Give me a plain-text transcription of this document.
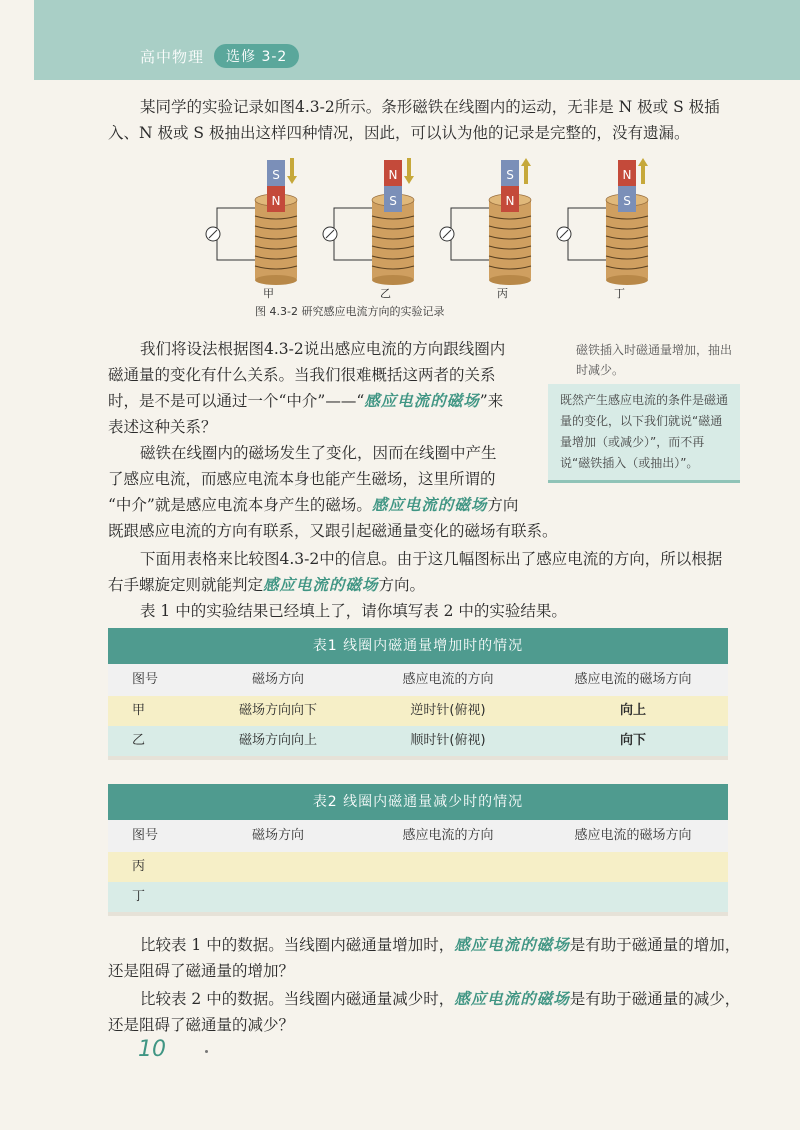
高中物理	选修 3-2
某同学的实验记录如图4.3-2所示。条形磁铁在线圈内的运动，无非是 N 极或 S 极插
入、N 极或 S 极抽出这样四种情况，因此，可以认为他的记录是完整的，没有遗漏。
S
N
N
S
S
N
N
S
甲	乙	丙	丁
图 4.3-2 研究感应电流方向的实验记录
我们将设法根据图4.3-2说出感应电流的方向跟线圈内
磁通量的变化有什么关系。当我们很难概括这两者的关系
时，是不是可以通过一个“中介”——“感应电流的磁场”来
表述这种关系？
磁铁在线圈内的磁场发生了变化，因而在线圈中产生
了感应电流，而感应电流本身也能产生磁场，这里所谓的
“中介”就是感应电流本身产生的磁场。感应电流的磁场方向
既跟感应电流的方向有联系，又跟引起磁通量变化的磁场有联系。
磁铁插入时磁通量增加，抽出时减少。
既然产生感应电流的条件是磁通量的变化，以下我们就说“磁通量增加（或减少）”，而不再说“磁铁插入（或抽出）”。
下面用表格来比较图4.3-2中的信息。由于这几幅图标出了感应电流的方向，所以根据
右手螺旋定则就能判定感应电流的磁场方向。
表 1 中的实验结果已经填上了，请你填写表 2 中的实验结果。
表1 线圈内磁通量增加时的情况
图号	磁场方向	感应电流的方向	感应电流的磁场方向
甲	磁场方向向下	逆时针(俯视)	向上
乙	磁场方向向上	顺时针(俯视)	向下
表2 线圈内磁通量减少时的情况
图号	磁场方向	感应电流的方向	感应电流的磁场方向
丙
丁
比较表 1 中的数据。当线圈内磁通量增加时，感应电流的磁场是有助于磁通量的增加，
还是阻碍了磁通量的增加？
比较表 2 中的数据。当线圈内磁通量减少时，感应电流的磁场是有助于磁通量的减少，
还是阻碍了磁通量的减少？
10
